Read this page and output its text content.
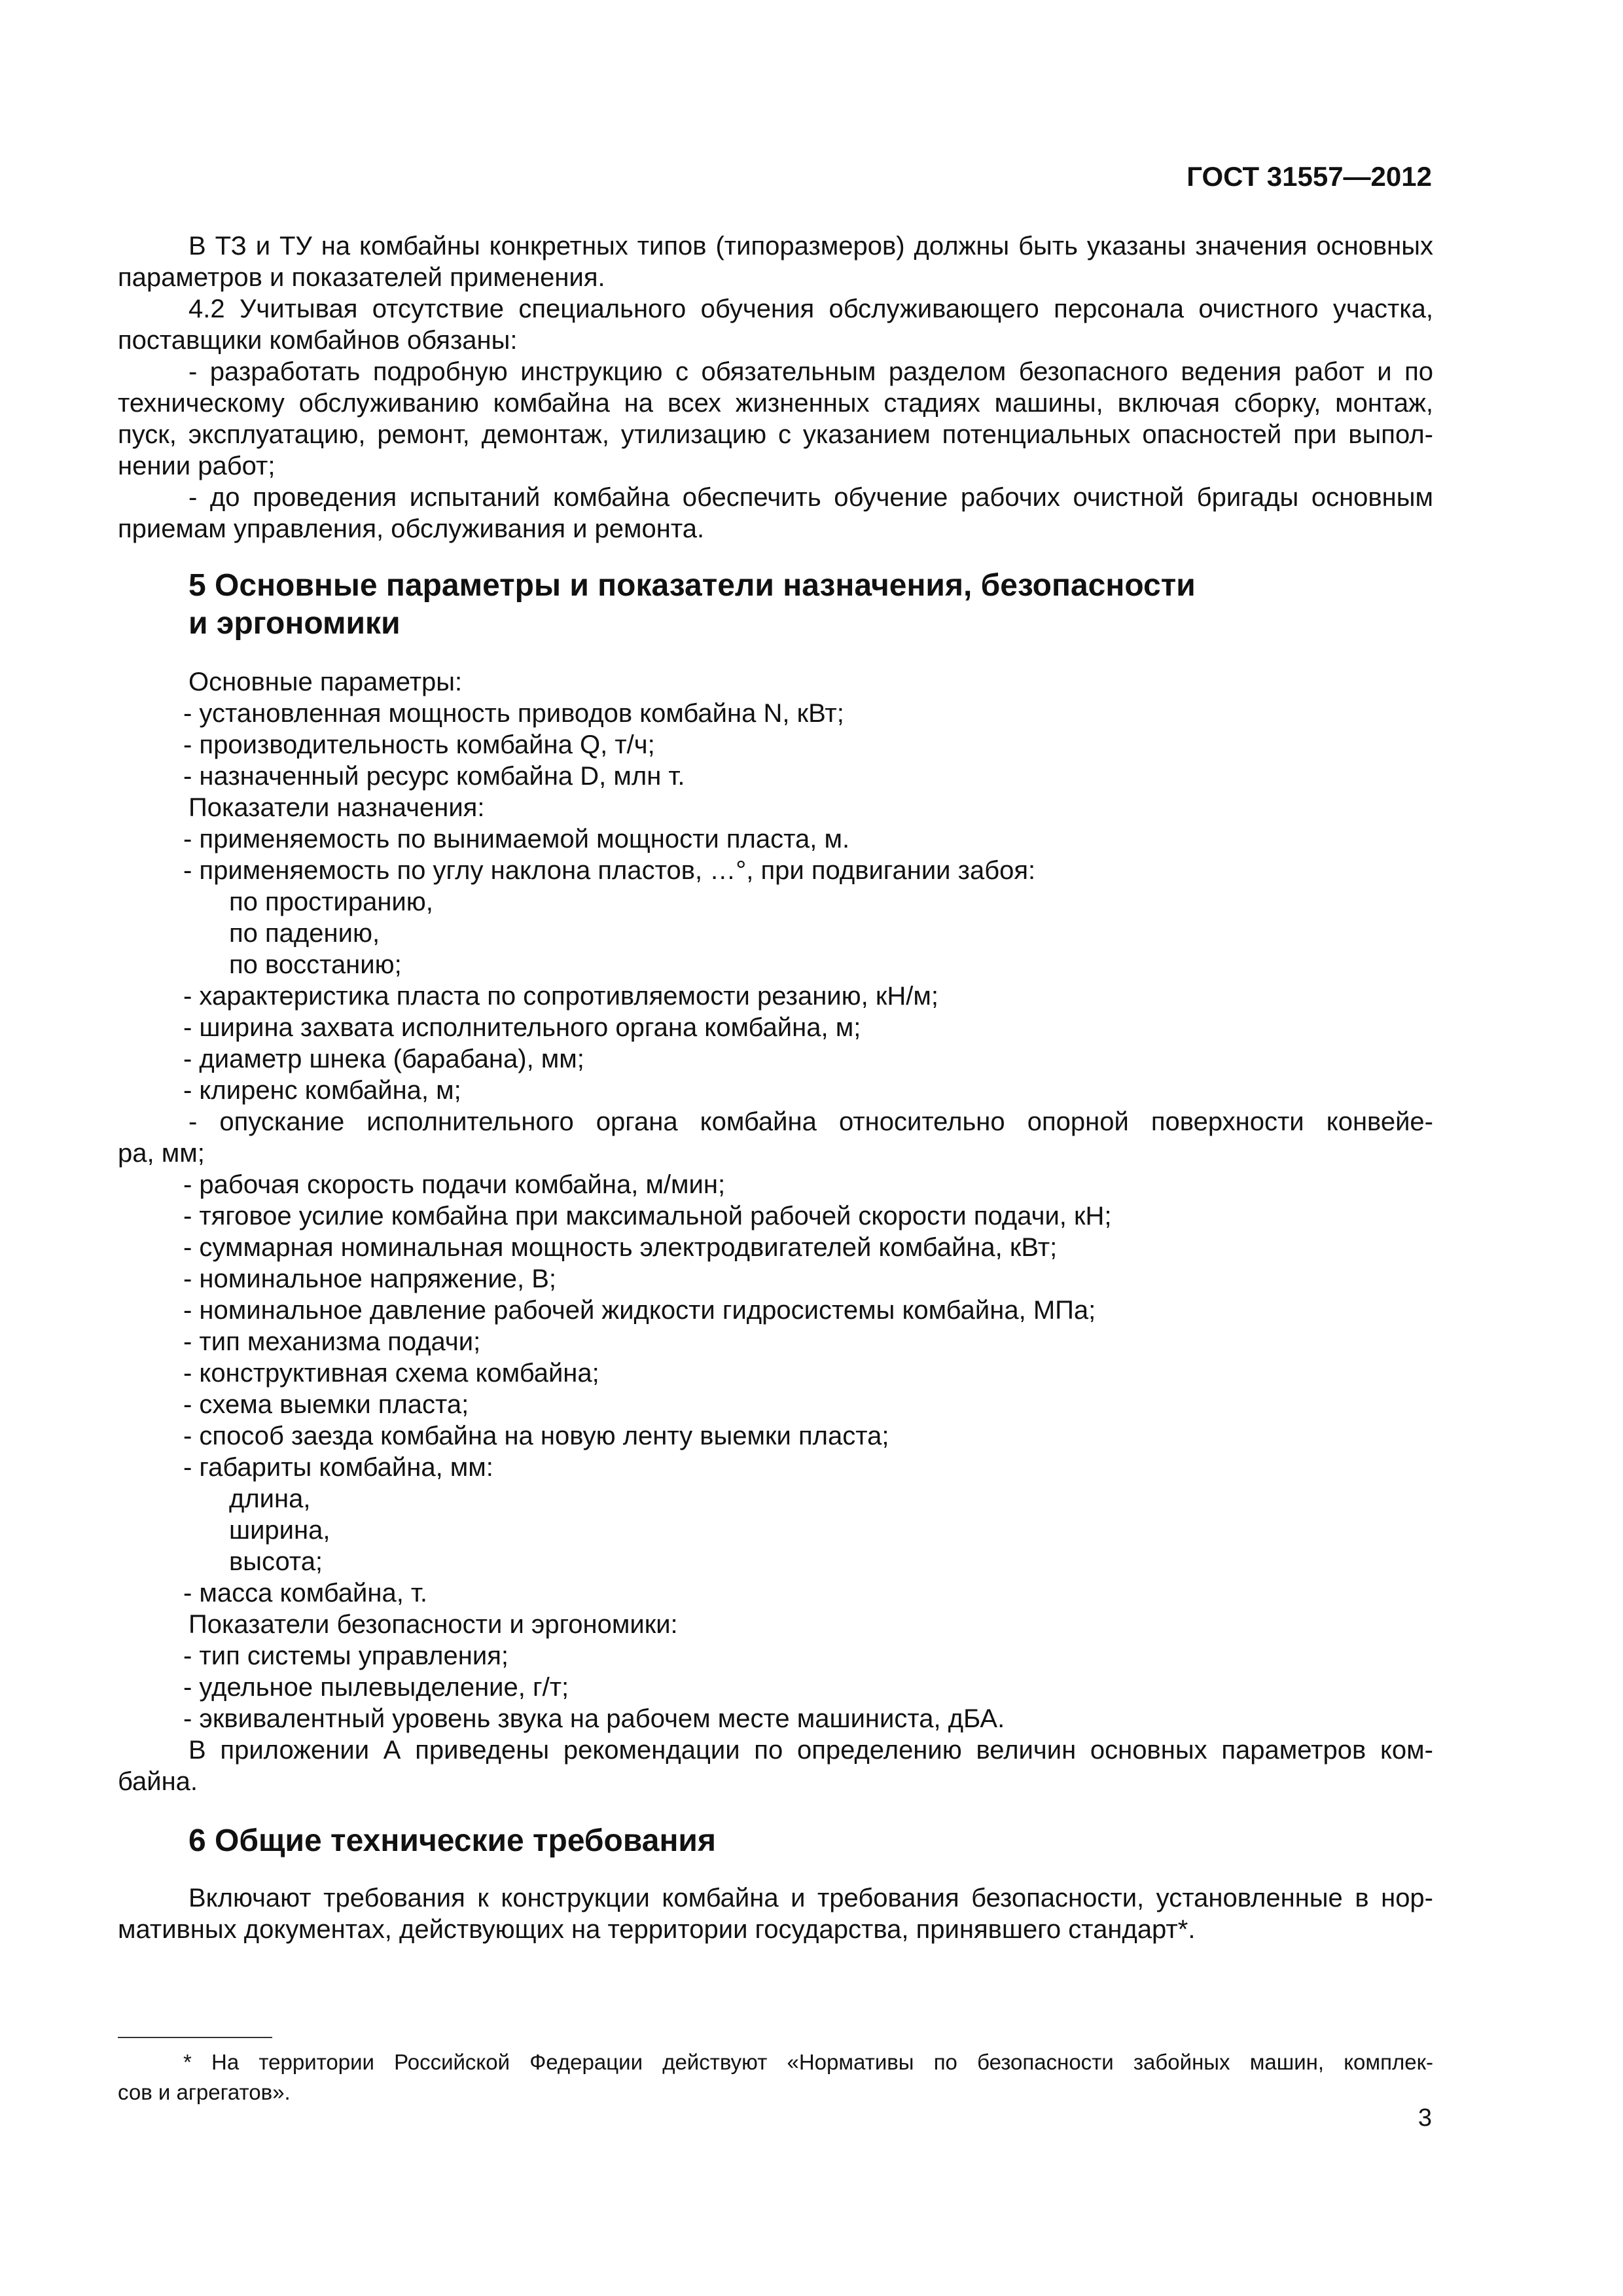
ГОСТ 31557—2012

В ТЗ и ТУ на комбайны конкретных типов (типоразмеров) должны быть указаны значения основных

параметров и показателей применения.

4.2 Учитывая отсутствие специального обучения обслуживающего персонала очистного участка,

поставщики комбайнов обязаны:

- разработать подробную инструкцию с обязательным разделом безопасного ведения работ и по

техническому обслуживанию комбайна на всех жизненных стадиях машины, включая сборку, монтаж,

пуск, эксплуатацию, ремонт, демонтаж, утилизацию с указанием потенциальных опасностей при выпол-

нении работ;

- до проведения испытаний комбайна обеспечить обучение рабочих очистной бригады основным

приемам управления, обслуживания и ремонта.

5 Основные параметры и показатели назначения, безопасности

и эргономики

Основные параметры:

- установленная мощность приводов комбайна N, кВт;

- производительность комбайна Q, т/ч;

- назначенный ресурс комбайна D, млн т.

Показатели назначения:

- применяемость по вынимаемой мощности пласта, м.

- применяемость по углу наклона пластов, …°, при подвигании забоя:

по простиранию,

по падению,

по восстанию;

- характеристика пласта по сопротивляемости резанию, кН/м;

- ширина захвата исполнительного органа комбайна, м;

- диаметр шнека (барабана), мм;

- клиренс комбайна, м;

- опускание исполнительного органа комбайна относительно опорной поверхности конвейе-

ра, мм;

- рабочая скорость подачи комбайна, м/мин;

- тяговое усилие комбайна при максимальной рабочей скорости подачи, кН;

- суммарная номинальная мощность электродвигателей комбайна, кВт;

- номинальное напряжение, В;

- номинальное давление рабочей жидкости гидросистемы комбайна, МПа;

- тип механизма подачи;

- конструктивная схема комбайна;

- схема выемки пласта;

- способ заезда комбайна на новую ленту выемки пласта;

- габариты комбайна, мм:

длина,

ширина,

высота;

- масса комбайна, т.

Показатели безопасности и эргономики:

- тип системы управления;

- удельное пылевыделение, г/т;

- эквивалентный уровень звука на рабочем месте машиниста, дБА.

В приложении А приведены рекомендации по определению величин основных параметров ком-

байна.

6 Общие технические требования

Включают требования к конструкции комбайна и требования безопасности, установленные в нор-

мативных документах, действующих на территории государства, принявшего стандарт*.

* На территории Российской Федерации действуют «Нормативы по безопасности забойных машин, комплек-

сов и агрегатов».

3
